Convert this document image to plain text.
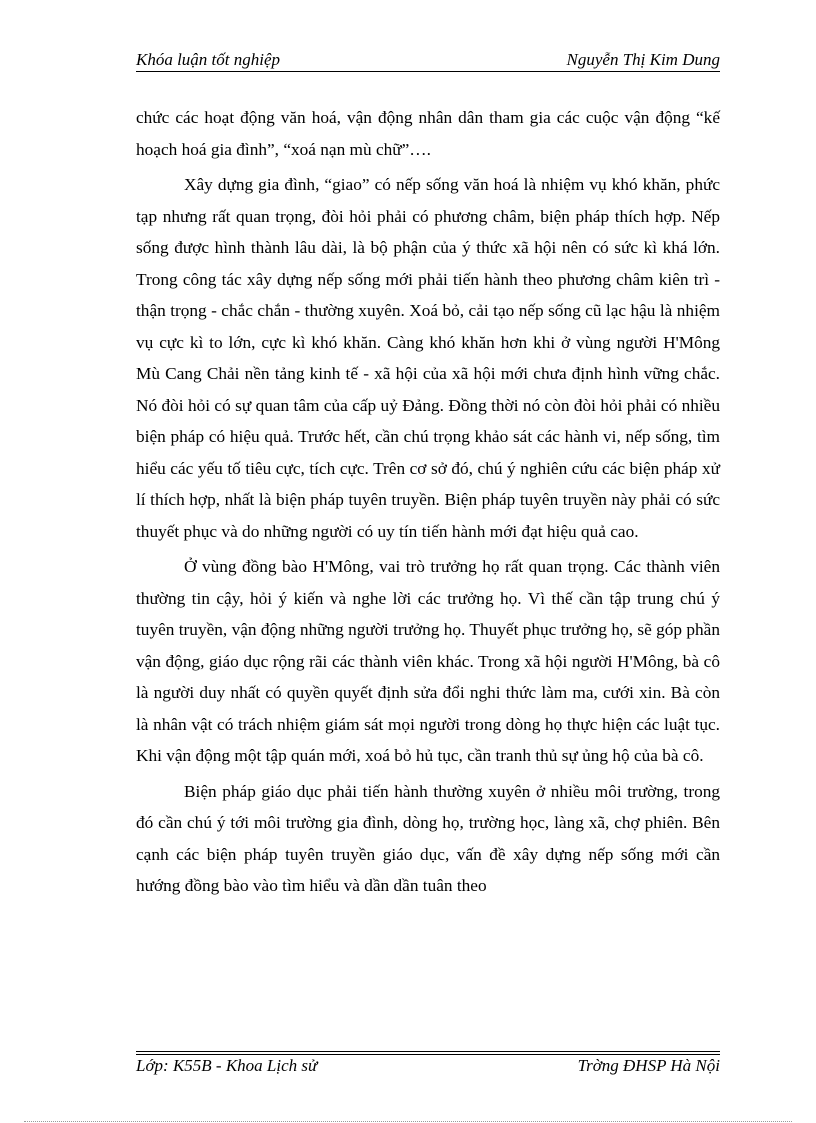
Khóa luận tốt nghiệp	Nguyễn Thị Kim Dung

chức các hoạt động văn hoá, vận động nhân dân tham gia các cuộc vận động “kế hoạch hoá gia đình”, “xoá nạn mù chữ”….

Xây dựng gia đình, “giao” có nếp sống văn hoá là nhiệm vụ khó khăn, phức tạp nhưng rất quan trọng, đòi hỏi phải có phương châm, biện pháp thích hợp. Nếp sống được hình thành lâu dài, là bộ phận của ý thức xã hội nên có sức kì khá lớn. Trong công tác xây dựng nếp sống mới phải tiến hành theo phương châm kiên trì - thận trọng - chắc chắn - thường xuyên. Xoá bỏ, cải tạo nếp sống cũ lạc hậu là nhiệm vụ cực kì to lớn, cực kì khó khăn. Càng khó khăn hơn khi ở vùng người H'Mông Mù Cang Chải nền tảng kinh tế - xã hội của xã hội mới chưa định hình vững chắc. Nó đòi hỏi có sự quan tâm của cấp uỷ Đảng. Đồng thời nó còn đòi hỏi phải có nhiều biện pháp có hiệu quả. Trước hết, cần chú trọng khảo sát các hành vi, nếp sống, tìm hiểu các yếu tố tiêu cực, tích cực. Trên cơ sở đó, chú ý nghiên cứu các biện pháp xử lí thích hợp, nhất là biện pháp tuyên truyền. Biện pháp tuyên truyền này phải có sức thuyết phục và do những người có uy tín tiến hành mới đạt hiệu quả cao.

Ở vùng đồng bào H'Mông, vai trò trưởng họ rất quan trọng. Các thành viên thường tin cậy, hỏi ý kiến và nghe lời các trưởng họ. Vì thế cần tập trung chú ý tuyên truyền, vận động những người trưởng họ. Thuyết phục trưởng họ, sẽ góp phần vận động, giáo dục rộng rãi các thành viên khác. Trong xã hội người H'Mông, bà cô là người duy nhất có quyền quyết định sửa đổi nghi thức làm ma, cưới xin. Bà còn là nhân vật có trách nhiệm giám sát mọi người trong dòng họ thực hiện các luật tục. Khi vận động một tập quán mới, xoá bỏ hủ tục, cần tranh thủ sự ủng hộ của bà cô.

Biện pháp giáo dục phải tiến hành thường xuyên ở nhiều môi trường, trong đó cần chú ý tới môi trường gia đình, dòng họ, trường học, làng xã, chợ phiên. Bên cạnh các biện pháp tuyên truyền giáo dục, vấn đề xây dựng nếp sống mới cần hướng đồng bào vào tìm hiểu và dần dần tuân theo

Lớp: K55B - Khoa Lịch sử	Trờng ĐHSP Hà Nội
